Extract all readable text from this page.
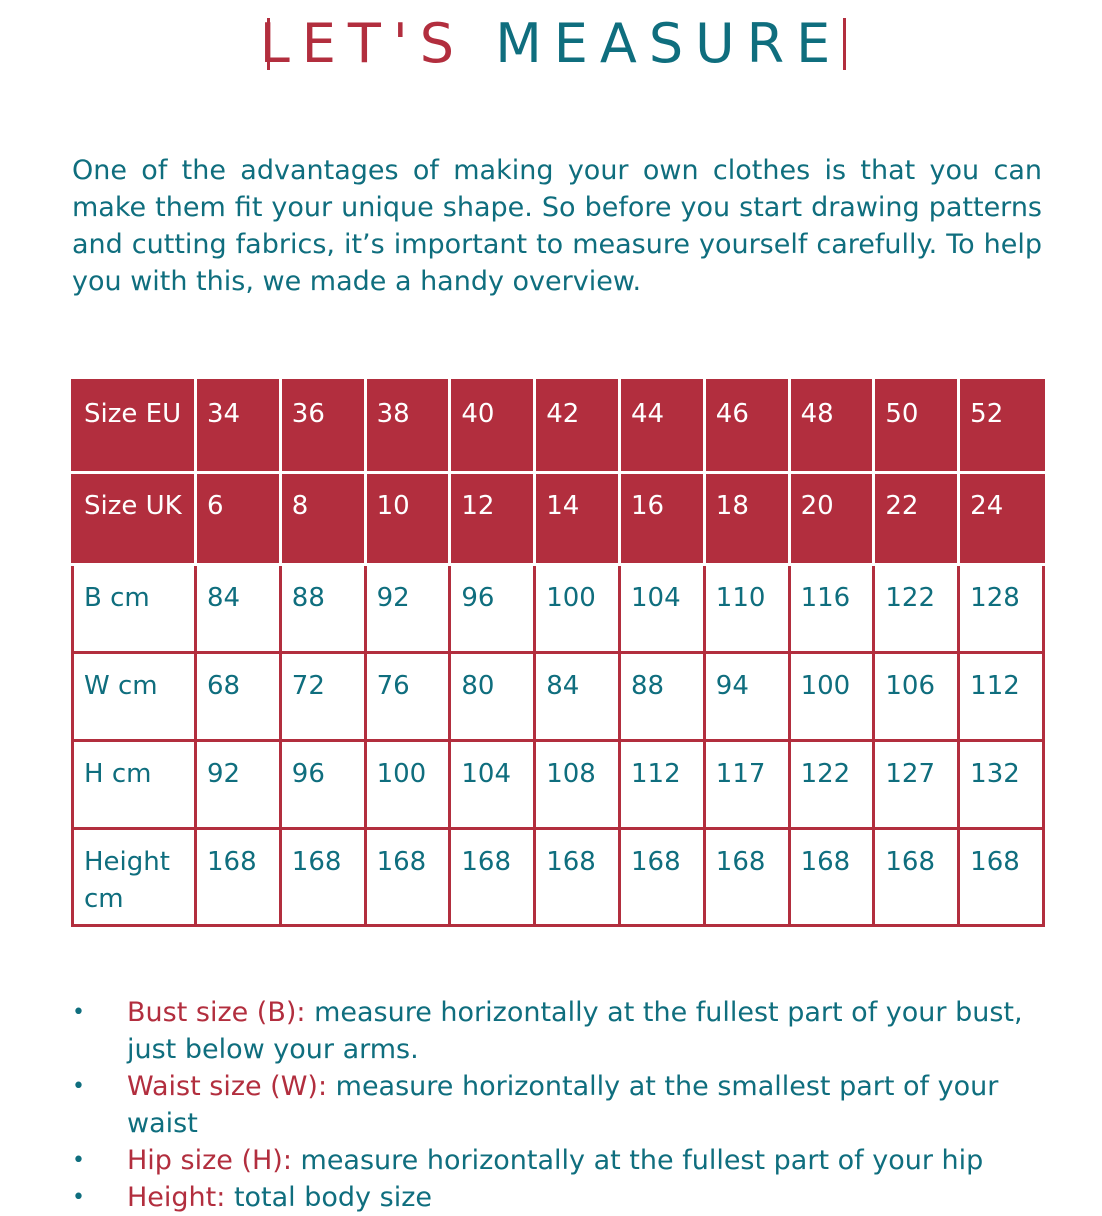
LET'S MEASURE

One of the advantages of making your own clothes is that you can make them fit your unique shape. So before you start drawing patterns and cutting fabrics, it’s important to measure yourself carefully. To help you with this, we made a handy overview.

Size EU	34	36	38	40	42	44	46	48	50	52
Size UK	6	8	10	12	14	16	18	20	22	24
B cm	84	88	92	96	100	104	110	116	122	128
W cm	68	72	76	80	84	88	94	100	106	112
H cm	92	96	100	104	108	112	117	122	127	132
Height cm	168	168	168	168	168	168	168	168	168	168
• Bust size (B): measure horizontally at the fullest part of your bust, just below your arms.
• Waist size (W): measure horizontally at the smallest part of your waist
• Hip size (H): measure horizontally at the fullest part of your hip
• Height: total body size
